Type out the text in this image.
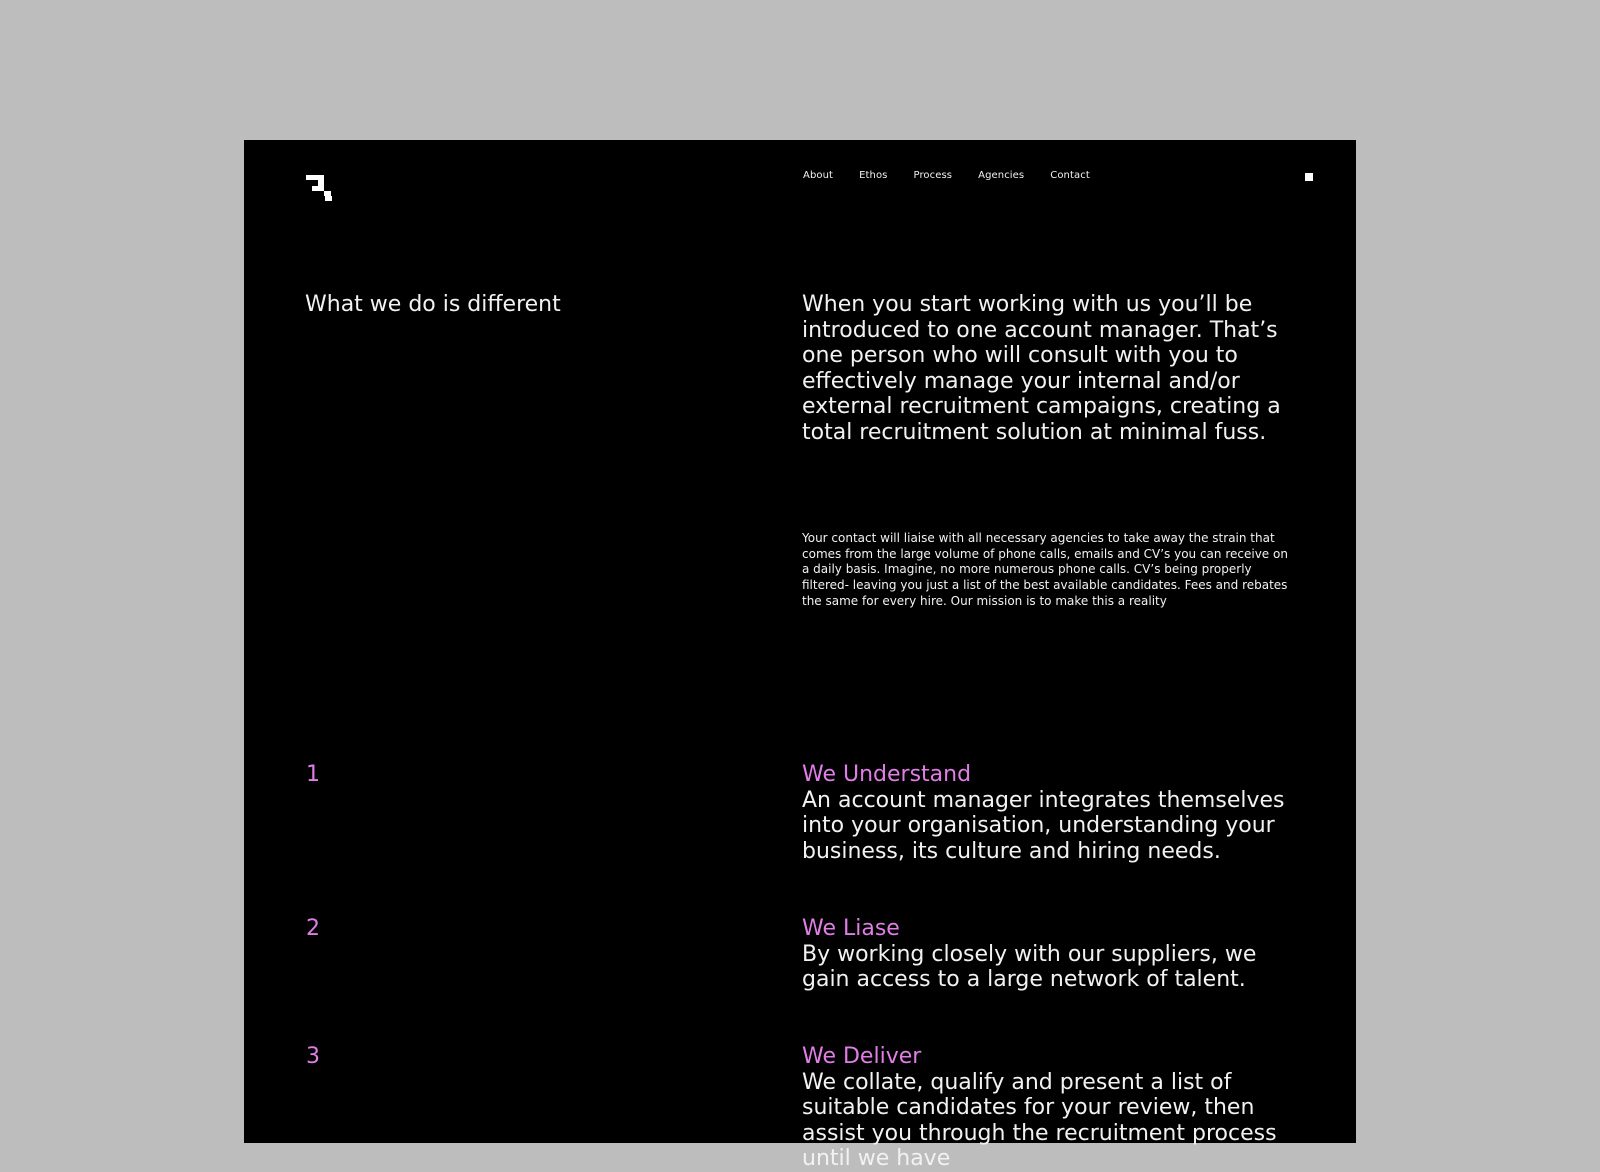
About	Ethos	Process	Agencies	Contact
What we do is different	When you start working with us you’ll be introduced to one account manager. That’s one person who will consult with you to effectively manage your internal and/or external recruitment campaigns, creating a total recruitment solution at minimal fuss.

Your contact will liaise with all necessary agencies to take away the strain that comes from the large volume of phone calls, emails and CV’s you can receive on a daily basis. Imagine, no more numerous phone calls. CV’s being properly filtered- leaving you just a list of the best available candidates. Fees and rebates the same for every hire. Our mission is to make this a reality

1	We Understand

An account manager integrates themselves into your organisation, understanding your business, its culture and hiring needs.

2	We Liase

By working closely with our suppliers, we gain access to a large network of talent.

3	We Deliver

We collate, qualify and present a list of suitable candidates for your review, then assist you through the recruitment process until we have
